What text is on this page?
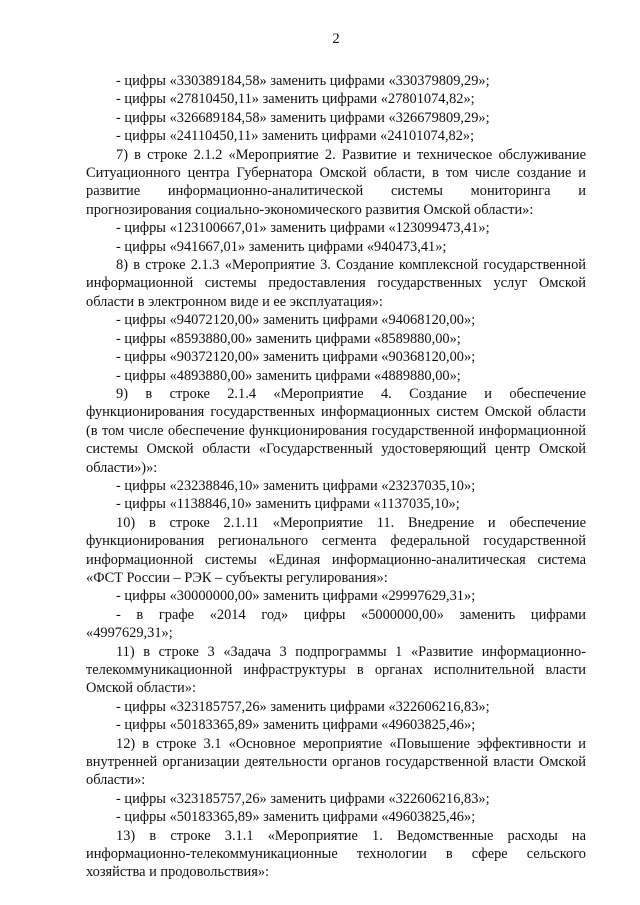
2

- цифры «330389184,58» заменить цифрами «330379809,29»;

- цифры «27810450,11» заменить цифрами «27801074,82»;

- цифры «326689184,58» заменить цифрами «326679809,29»;

- цифры «24110450,11» заменить цифрами «24101074,82»;

7) в строке 2.1.2 «Мероприятие 2. Развитие и техническое обслуживание Ситуационного центра Губернатора Омской области, в том числе создание и развитие информационно-аналитической системы мониторинга и прогнозирования социально-экономического развития Омской области»:

- цифры «123100667,01» заменить цифрами «123099473,41»;

- цифры «941667,01» заменить цифрами «940473,41»;

8) в строке 2.1.3 «Мероприятие 3. Создание комплексной государственной информационной системы предоставления государственных услуг Омской области в электронном виде и ее эксплуатация»:

- цифры «94072120,00» заменить цифрами «94068120,00»;

- цифры «8593880,00» заменить цифрами «8589880,00»;

- цифры «90372120,00» заменить цифрами «90368120,00»;

- цифры «4893880,00» заменить цифрами «4889880,00»;

9) в строке 2.1.4 «Мероприятие 4. Создание и обеспечение функционирования государственных информационных систем Омской области (в том числе обеспечение функционирования государственной информационной системы Омской области «Государственный удостоверяющий центр Омской области»)»:

- цифры «23238846,10» заменить цифрами «23237035,10»;

- цифры «1138846,10» заменить цифрами «1137035,10»;

10) в строке 2.1.11 «Мероприятие 11. Внедрение и обеспечение функционирования регионального сегмента федеральной государственной информационной системы «Единая информационно-аналитическая система «ФСТ России – РЭК – субъекты регулирования»:

- цифры «30000000,00» заменить цифрами «29997629,31»;

- в графе «2014 год» цифры «5000000,00» заменить цифрами

«4997629,31»;

11) в строке 3 «Задача 3 подпрограммы 1 «Развитие информационно-телекоммуникационной инфраструктуры в органах исполнительной власти Омской области»:

- цифры «323185757,26» заменить цифрами «322606216,83»;

- цифры «50183365,89» заменить цифрами «49603825,46»;

12) в строке 3.1 «Основное мероприятие «Повышение эффективности и внутренней организации деятельности органов государственной власти Омской области»:

- цифры «323185757,26» заменить цифрами «322606216,83»;

- цифры «50183365,89» заменить цифрами «49603825,46»;

13) в строке 3.1.1 «Мероприятие 1. Ведомственные расходы на информационно-телекоммуникационные технологии в сфере сельского хозяйства и продовольствия»:
